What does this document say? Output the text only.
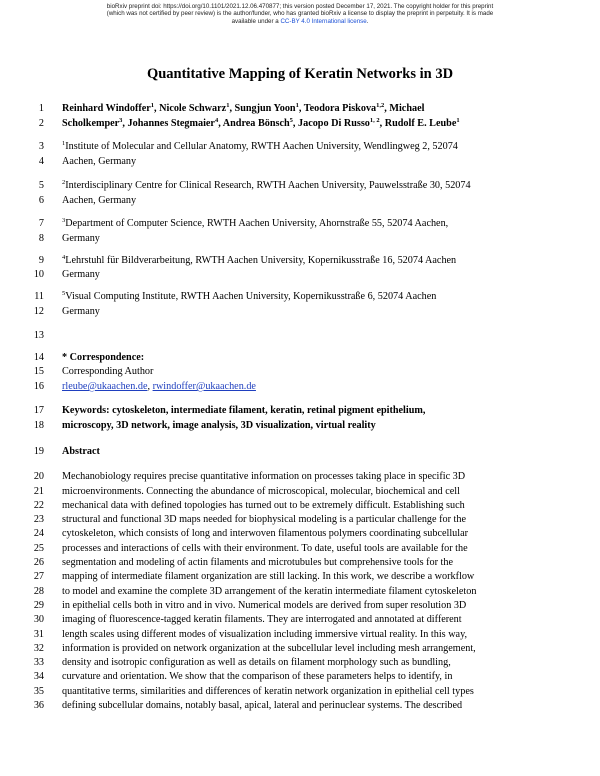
bioRxiv preprint doi: https://doi.org/10.1101/2021.12.06.470877; this version posted December 17, 2021. The copyright holder for this preprint
(which was not certified by peer review) is the author/funder, who has granted bioRxiv a license to display the preprint in perpetuity. It is made
available under a CC-BY 4.0 International license.
Quantitative Mapping of Keratin Networks in 3D
1 Reinhard Windoffer$^1$, Nicole Schwarz$^1$, Sungjun Yoon$^1$, Teodora Piskova$^{1,2}$, Michael
2 Scholkemper$^3$, Johannes Stegmaier$^4$, Andrea Bönsch$^5$, Jacopo Di Russo$^{1, 2}$, Rudolf E. Leube$^1$
3	$^1$Institute of Molecular and Cellular Anatomy, RWTH Aachen University, Wendlingweg 2, 52074
4 Aachen, Germany
5	$^2$Interdisciplinary Centre for Clinical Research, RWTH Aachen University, Pauwelsstraße 30, 52074
6 Aachen, Germany
7	$^3$Department of Computer Science, RWTH Aachen University, Ahornstraße 55, 52074 Aachen,
8 Germany
9	$^4$Lehrstuhl für Bildverarbeitung, RWTH Aachen University, Kopernikusstraße 16, 52074 Aachen
10 Germany
11	$^5$Visual Computing Institute, RWTH Aachen University, Kopernikusstraße 6, 52074 Aachen
12 Germany
13
14 * Correspondence:
15 Corresponding Author
16 rleube@ukaachen.de, rwindoffer@ukaachen.de
17 Keywords: cytoskeleton, intermediate filament, keratin, retinal pigment epithelium,
18 microscopy, 3D network, image analysis, 3D visualization, virtual reality
19 Abstract
20 Mechanobiology requires precise quantitative information on processes taking place in specific 3D
21 microenvironments. Connecting the abundance of microscopical, molecular, biochemical and cell
22 mechanical data with defined topologies has turned out to be extremely difficult. Establishing such
23 structural and functional 3D maps needed for biophysical modeling is a particular challenge for the
24 cytoskeleton, which consists of long and interwoven filamentous polymers coordinating subcellular
25 processes and interactions of cells with their environment. To date, useful tools are available for the
26 segmentation and modeling of actin filaments and microtubules but comprehensive tools for the
27 mapping of intermediate filament organization are still lacking. In this work, we describe a workflow
28 to model and examine the complete 3D arrangement of the keratin intermediate filament cytoskeleton
29 in epithelial cells both in vitro and in vivo. Numerical models are derived from super resolution 3D
30 imaging of fluorescence-tagged keratin filaments. They are interrogated and annotated at different
31 length scales using different modes of visualization including immersive virtual reality. In this way,
32 information is provided on network organization at the subcellular level including mesh arrangement,
33 density and isotropic configuration as well as details on filament morphology such as bundling,
34 curvature and orientation. We show that the comparison of these parameters helps to identify, in
35 quantitative terms, similarities and differences of keratin network organization in epithelial cell types
36 defining subcellular domains, notably basal, apical, lateral and perinuclear systems. The described
